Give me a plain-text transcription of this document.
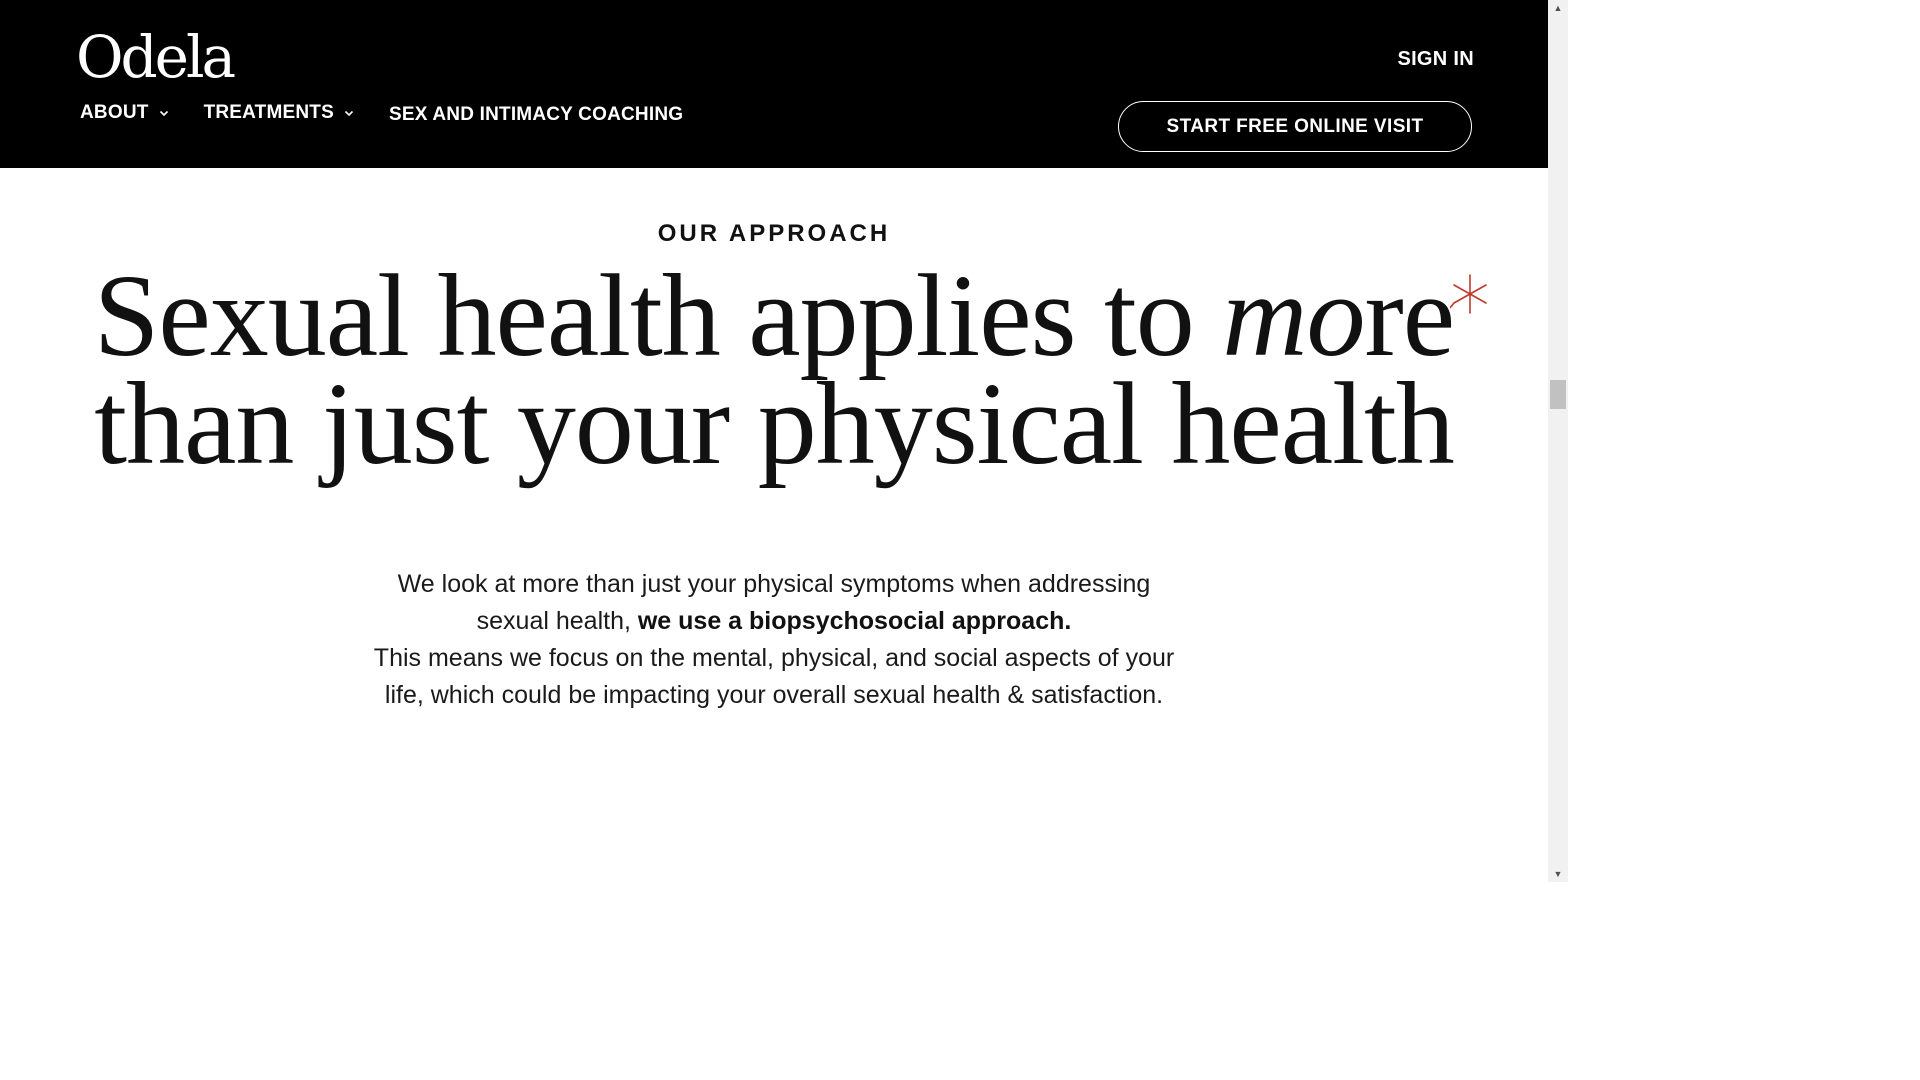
Odela	SIGN IN
ABOUT	TREATMENTS	SEX AND INTIMACY COACHING
START FREE ONLINE VISIT
OUR APPROACH
Sexual health applies to more
than just your physical health

We look at more than just your physical symptoms when addressing
sexual health, we use a biopsychosocial approach.
This means we focus on the mental, physical, and social aspects of your
life, which could be impacting your overall sexual health & satisfaction.

▲
▼
